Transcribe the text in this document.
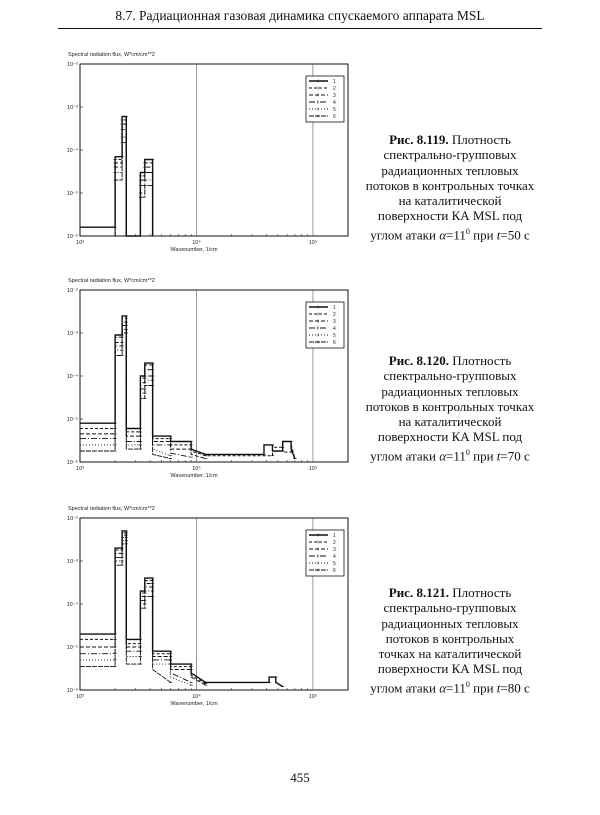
8.7. Радиационная газовая динамика спускаемого аппарата MSL
Spectral radiation flux, W*cm/cm**2
10⁻²
10⁻³
10⁻⁴
10⁻⁵
10⁻⁶
10³	10⁴	10⁵
Wavenumber, 1/cm
1
2
3
4
5
6
Рис. 8.119. Плотность
спектрально-групповых
радиационных тепловых
потоков в контрольных точках
на каталитической
поверхности КА MSL под
углом атаки $\alpha=11^0$ при t=50 с
Spectral radiation flux, W*cm/cm**2
10⁻²
10⁻³
10⁻⁴
10⁻⁵
10⁻⁶
10³	10⁴	10⁵
Wavenumber, 1/cm
1
2
3
4
5
6
Рис. 8.120. Плотность
спектрально-групповых
радиационных тепловых
потоков в контрольных точках
на каталитической
поверхности КА MSL под
углом атаки $\alpha=11^0$ при t=70 с
Spectral radiation flux, W*cm/cm**2
10⁻²
10⁻³
10⁻⁴
10⁻⁵
10⁻⁶
10³	10⁴	10⁵
Wavenumber, 1/cm
1
2
3
4
5
6
Рис. 8.121. Плотность
спектрально-групповых
радиационных тепловых
потоков в контрольных
точках на каталитической
поверхности КА MSL под
углом атаки $\alpha=11^0$ при t=80 с
455
